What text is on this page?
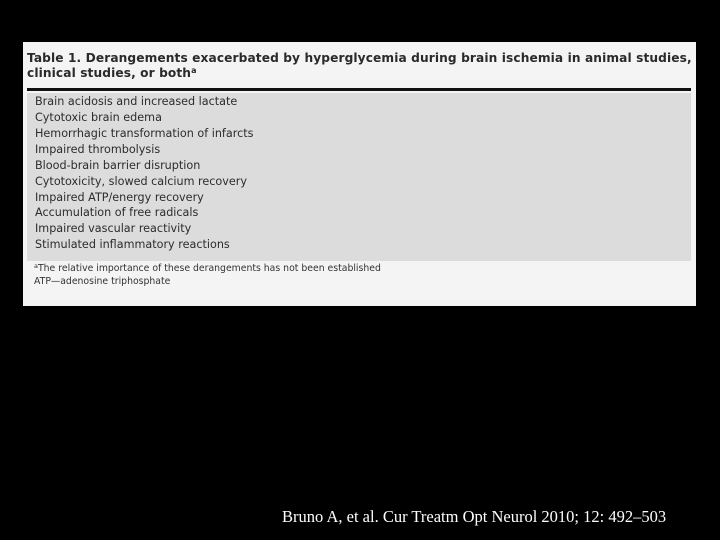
Table 1. Derangements exacerbated by hyperglycemia during brain ischemia in animal studies, clinical studies, or both$^a$
Brain acidosis and increased lactate
Cytotoxic brain edema
Hemorrhagic transformation of infarcts
Impaired thrombolysis
Blood-brain barrier disruption
Cytotoxicity, slowed calcium recovery
Impaired ATP/energy recovery
Accumulation of free radicals
Impaired vascular reactivity
Stimulated inflammatory reactions
$^a$The relative importance of these derangements has not been established
ATP—adenosine triphosphate
Bruno A, et al. Cur Treatm Opt Neurol 2010; 12: 492–503
